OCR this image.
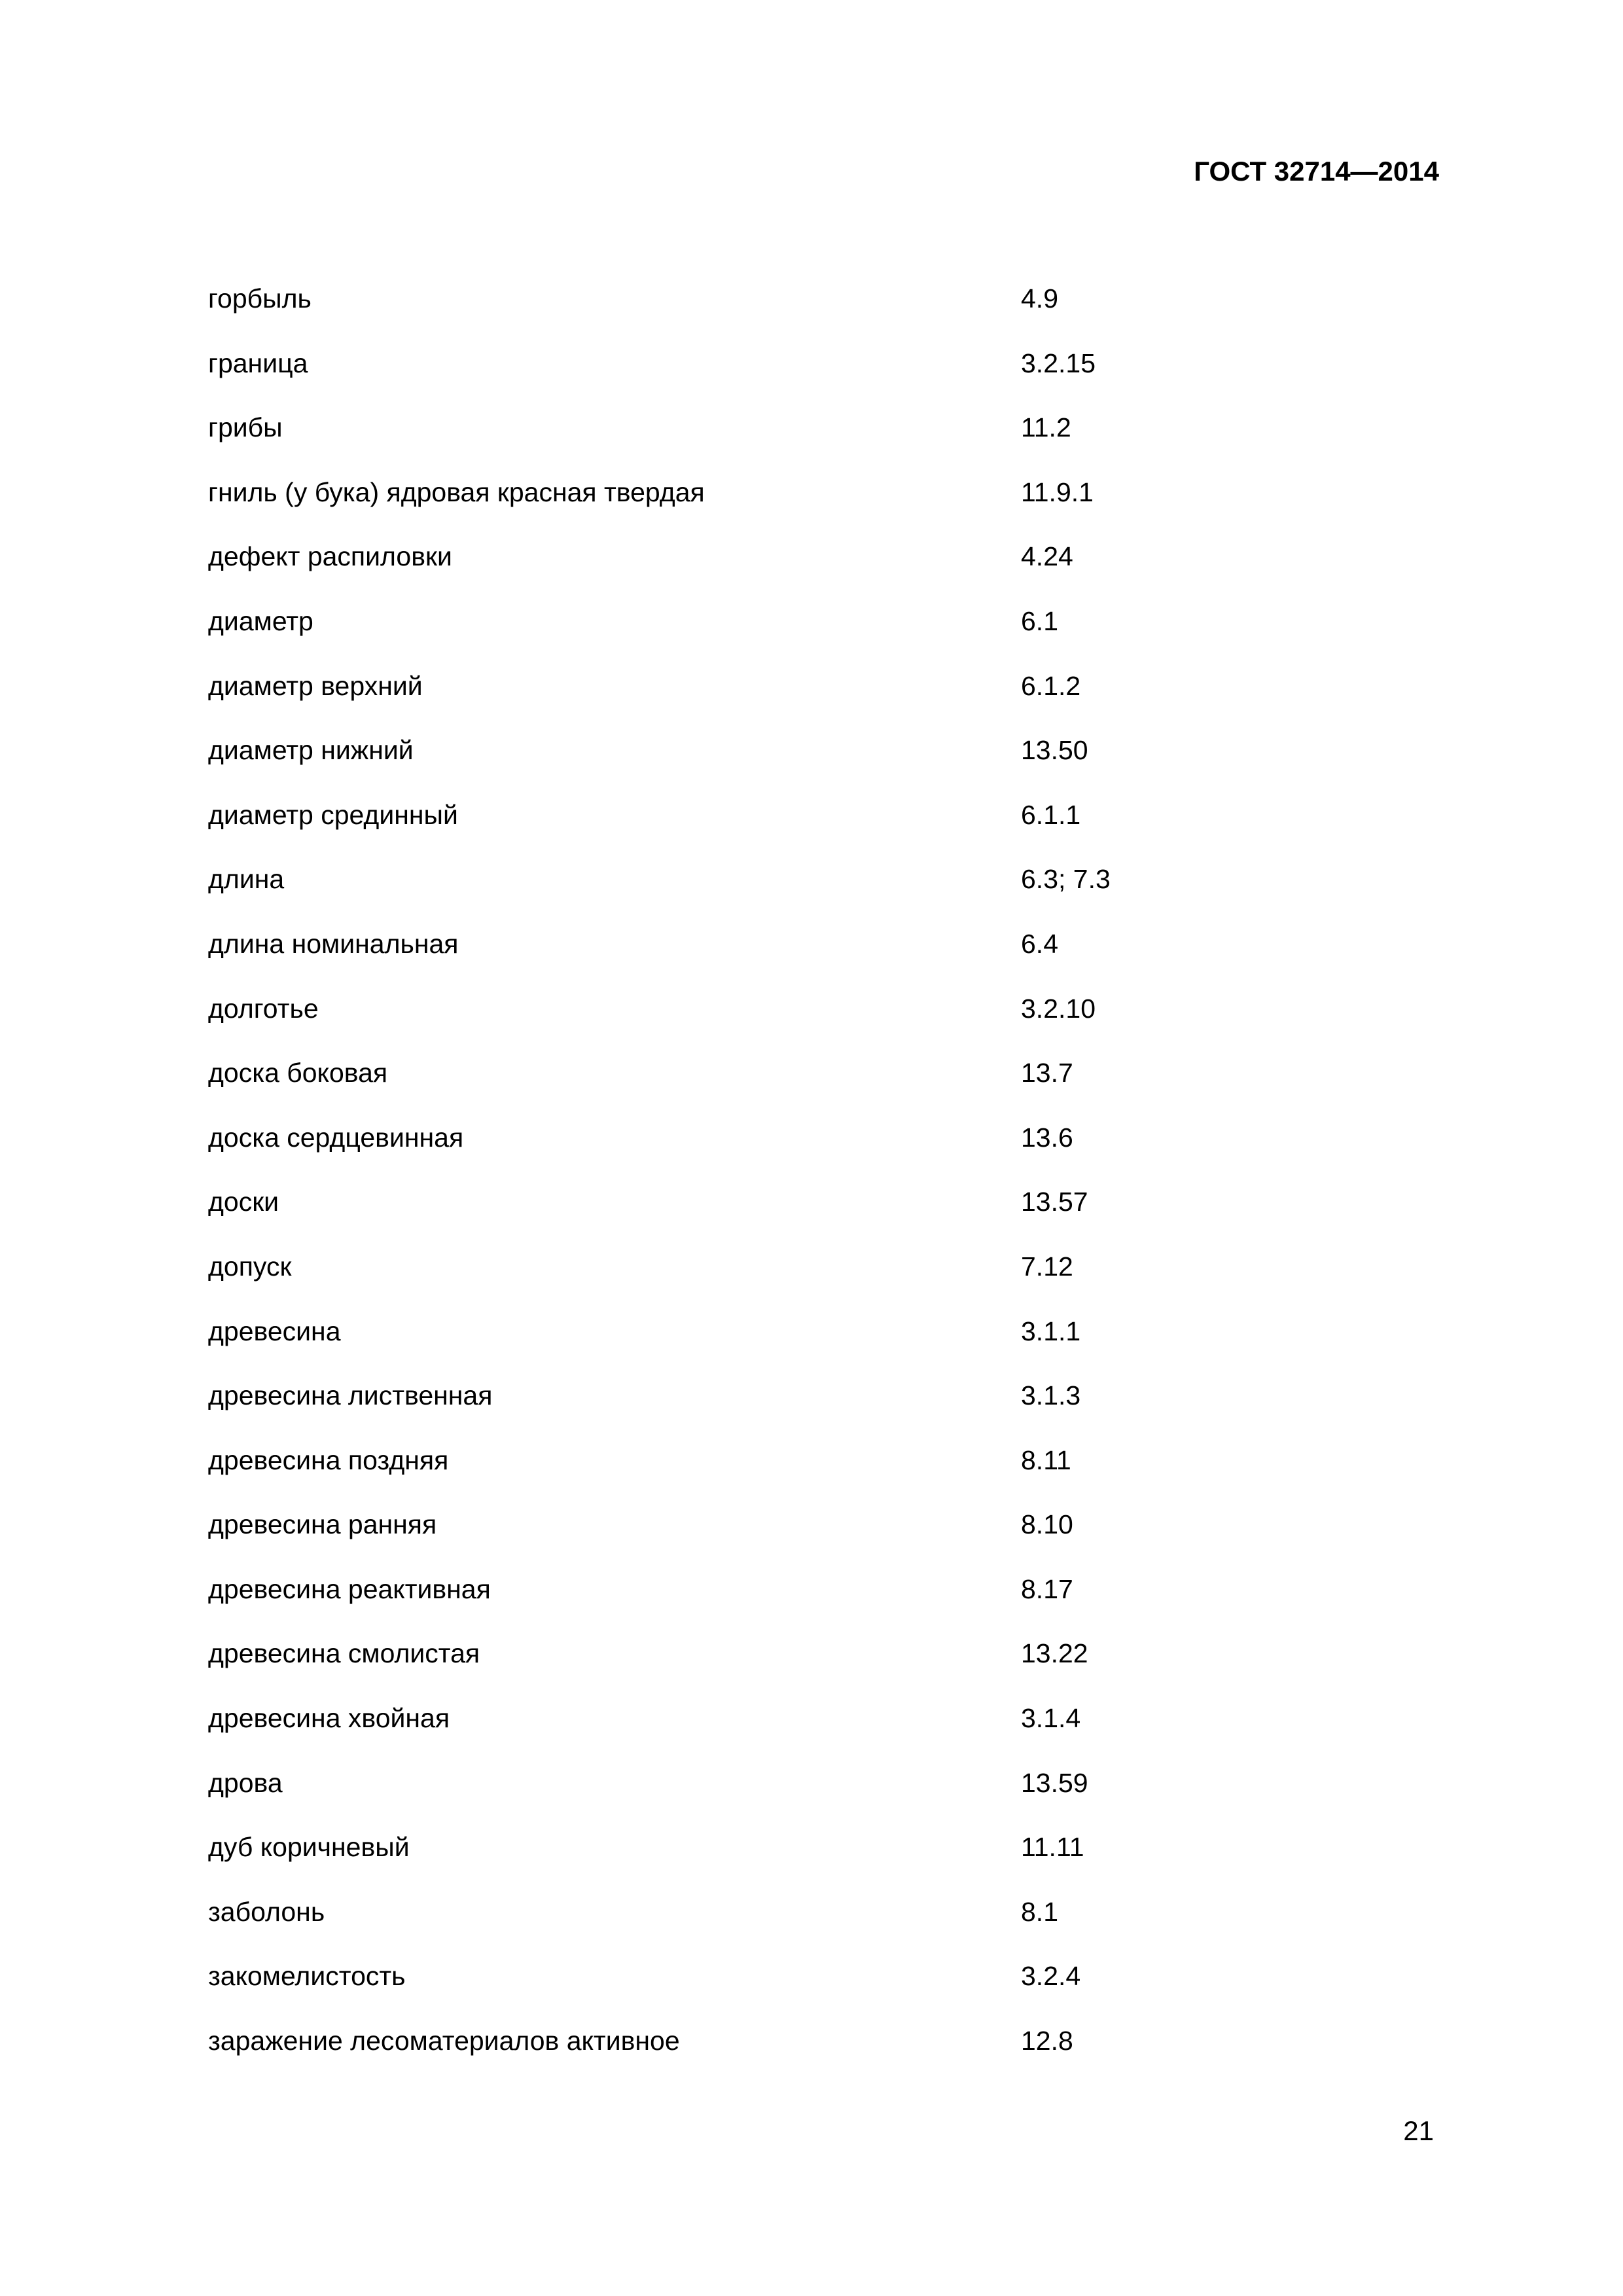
ГОСТ 32714—2014
горбыль	4.9
граница	3.2.15
грибы	11.2
гниль (у бука) ядровая красная твердая	11.9.1
дефект распиловки	4.24
диаметр	6.1
диаметр верхний	6.1.2
диаметр нижний	13.50
диаметр срединный	6.1.1
длина	6.3; 7.3
длина номинальная	6.4
долготье	3.2.10
доска боковая	13.7
доска сердцевинная	13.6
доски	13.57
допуск	7.12
древесина	3.1.1
древесина лиственная	3.1.3
древесина поздняя	8.11
древесина ранняя	8.10
древесина реактивная	8.17
древесина смолистая	13.22
древесина хвойная	3.1.4
дрова	13.59
дуб коричневый	11.11
заболонь	8.1
закомелистость	3.2.4
заражение лесоматериалов активное	12.8
21
